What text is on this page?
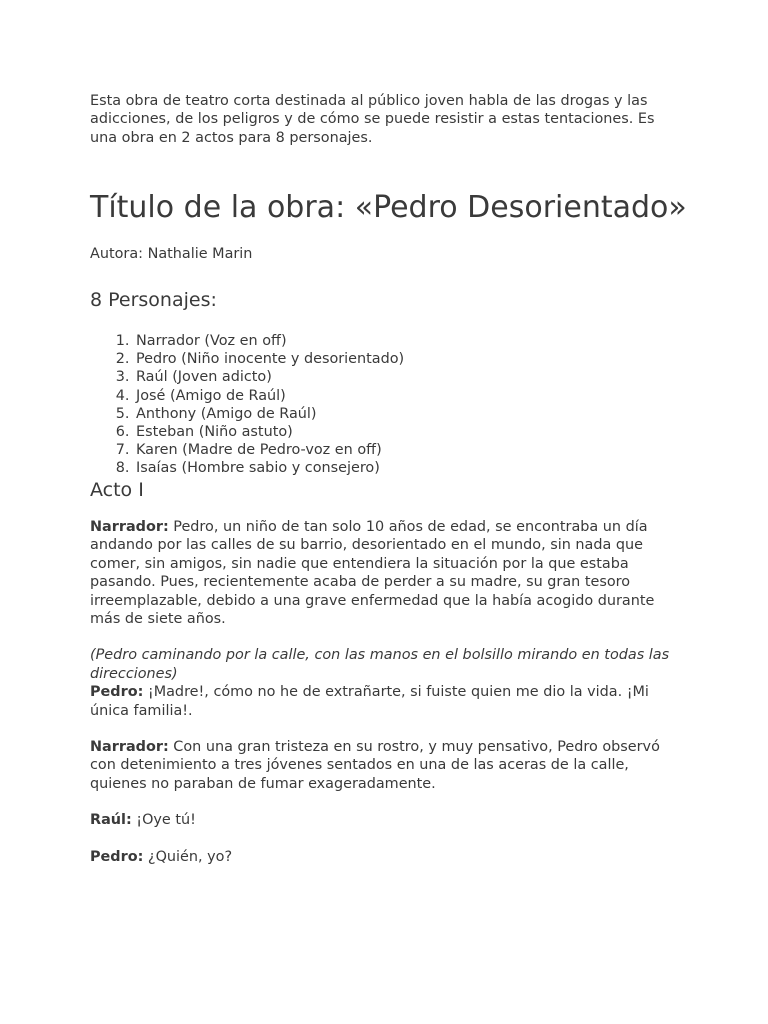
Esta obra de teatro corta destinada al público joven habla de las drogas y las adicciones, de los peligros y de cómo se puede resistir a estas tentaciones. Es una obra en 2 actos para 8 personajes.

Título de la obra: «Pedro Desorientado»

Autora: Nathalie Marin

8 Personajes:
1. Narrador (Voz en off)
2. Pedro (Niño inocente y desorientado)
3. Raúl (Joven adicto)
4. José (Amigo de Raúl)
5. Anthony (Amigo de Raúl)
6. Esteban (Niño astuto)
7. Karen (Madre de Pedro-voz en off)
8. Isaías (Hombre sabio y consejero)
Acto I

Narrador: Pedro, un niño de tan solo 10 años de edad, se encontraba un día andando por las calles de su barrio, desorientado en el mundo, sin nada que comer, sin amigos, sin nadie que entendiera la situación por la que estaba pasando. Pues, recientemente acaba de perder a su madre, su gran tesoro irreemplazable, debido a una grave enfermedad que la había acogido durante más de siete años.

(Pedro caminando por la calle, con las manos en el bolsillo mirando en todas las direcciones)

Pedro: ¡Madre!, cómo no he de extrañarte, si fuiste quien me dio la vida. ¡Mi única familia!.

Narrador: Con una gran tristeza en su rostro, y muy pensativo, Pedro observó con detenimiento a tres jóvenes sentados en una de las aceras de la calle, quienes no paraban de fumar exageradamente.

Raúl: ¡Oye tú!

Pedro: ¿Quién, yo?
